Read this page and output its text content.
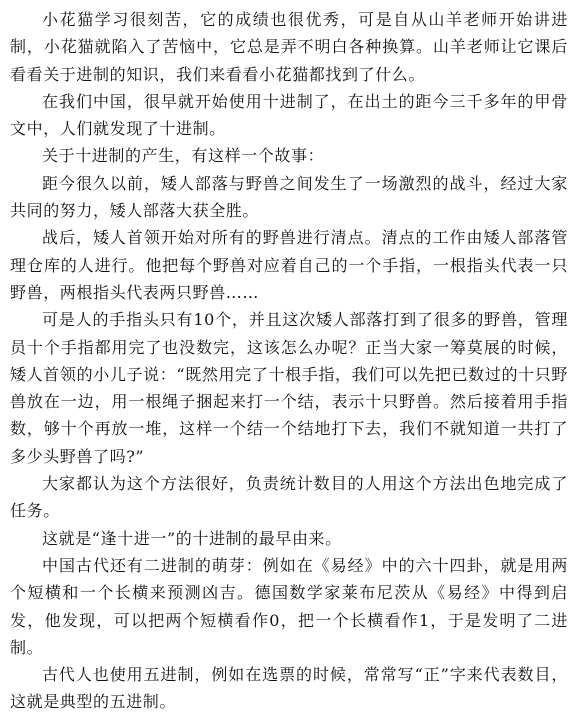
小花猫学习很刻苦，它的成绩也很优秀，可是自从山羊老师开始讲进制，小花猫就陷入了苦恼中，它总是弄不明白各种换算。山羊老师让它课后看看关于进制的知识，我们来看看小花猫都找到了什么。

在我们中国，很早就开始使用十进制了，在出土的距今三千多年的甲骨文中，人们就发现了十进制。

关于十进制的产生，有这样一个故事：

距今很久以前，矮人部落与野兽之间发生了一场激烈的战斗，经过大家共同的努力，矮人部落大获全胜。

战后，矮人首领开始对所有的野兽进行清点。清点的工作由矮人部落管理仓库的人进行。他把每个野兽对应着自己的一个手指，一根指头代表一只野兽，两根指头代表两只野兽……

可是人的手指头只有10个，并且这次矮人部落打到了很多的野兽，管理员十个手指都用完了也没数完，这该怎么办呢？正当大家一筹莫展的时候，矮人首领的小儿子说：“既然用完了十根手指，我们可以先把已数过的十只野兽放在一边，用一根绳子捆起来打一个结，表示十只野兽。然后接着用手指数，够十个再放一堆，这样一个结一个结地打下去，我们不就知道一共打了多少头野兽了吗?”

大家都认为这个方法很好，负责统计数目的人用这个方法出色地完成了任务。

这就是“逢十进一”的十进制的最早由来。

中国古代还有二进制的萌芽：例如在《易经》中的六十四卦，就是用两个短横和一个长横来预测凶吉。德国数学家莱布尼茨从《易经》中得到启发，他发现，可以把两个短横看作0，把一个长横看作1，于是发明了二进制。

古代人也使用五进制，例如在选票的时候，常常写“正”字来代表数目，这就是典型的五进制。
